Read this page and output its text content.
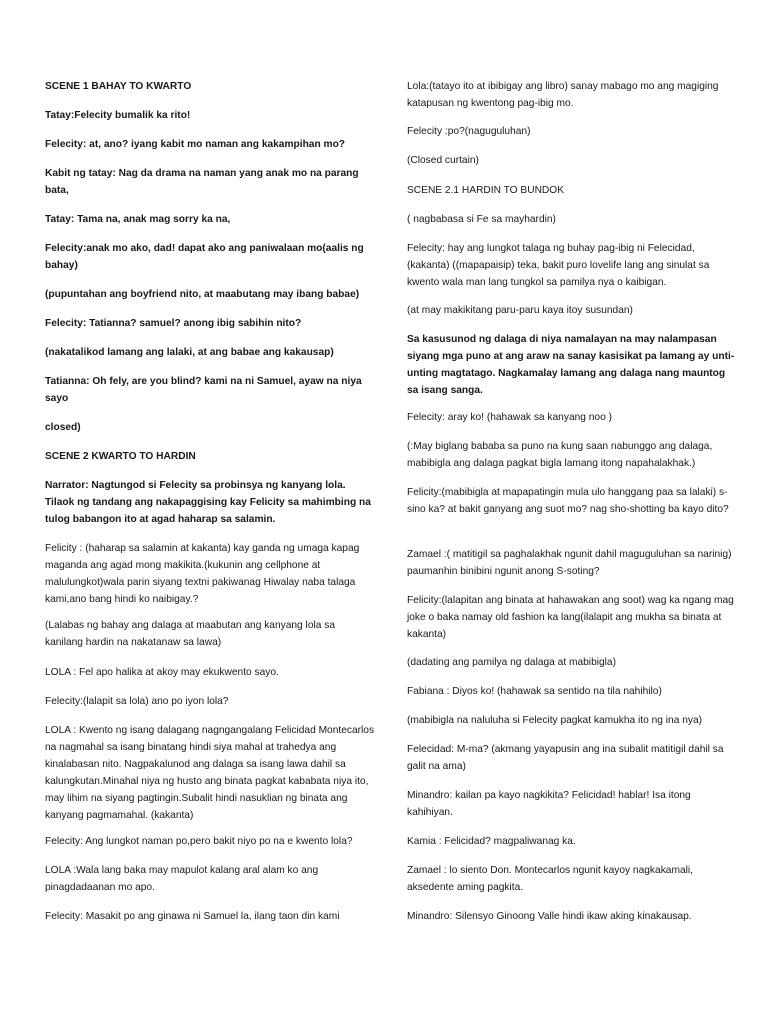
SCENE 1 BAHAY TO KWARTO

Tatay:Felecity bumalik ka rito!

Felecity: at, ano? iyang kabit mo naman ang kakampihan mo?

Kabit ng tatay: Nag da drama na naman yang anak mo na parang bata,

Tatay: Tama na, anak mag sorry ka na,

Felecity:anak mo ako, dad! dapat ako ang paniwalaan mo(aalis ng bahay)

(pupuntahan ang boyfriend nito, at maabutang may ibang babae)

Felecity: Tatianna? samuel? anong ibig sabihin nito?

(nakatalikod lamang ang lalaki, at ang babae ang kakausap)

Tatianna: Oh fely, are you blind? kami na ni Samuel, ayaw na niya sayo

closed)

SCENE 2 KWARTO TO HARDIN

Narrator: Nagtungod si Felecity sa probinsya ng kanyang lola. Tilaok ng tandang ang nakapaggising kay Felicity sa mahimbing na tulog babangon ito at agad haharap sa salamin.

Felicity : (haharap sa salamin at kakanta) kay ganda ng umaga kapag maganda ang agad mong makikita.(kukunin ang cellphone at malulungkot)wala parin siyang textni pakiwanag Hiwalay naba talaga kami,ano bang hindi ko naibigay.?

(Lalabas ng bahay ang dalaga at maabutan ang kanyang lola sa kanilang hardin na nakatanaw sa lawa)

LOLA : Fel apo halika at akoy may ekukwento sayo.

Felecity:(lalapit sa lola) ano po iyon lola?

LOLA : Kwento ng isang dalagang nagngangalang Felicidad Montecarlos na nagmahal sa isang binatang hindi siya mahal at trahedya ang kinalabasan nito. Nagpakalunod ang dalaga sa isang lawa dahil sa kalungkutan.Minahal niya ng husto ang binata pagkat kababata niya ito, may lihim na siyang pagtingin.Subalit hindi nasuklian ng binata ang kanyang pagmamahal. (kakanta)

Felecity: Ang lungkot naman po,pero bakit niyo po na e kwento lola?

LOLA :Wala lang baka may mapulot kalang aral alam ko ang pinagdadaanan mo apo.

Felecity: Masakit po ang ginawa ni Samuel la, ilang taon din kami

Lola:(tatayo ito at ibibigay ang libro) sanay mabago mo ang magiging katapusan ng kwentong pag-ibig mo.

Felecity :po?(naguguluhan)

(Closed curtain)

SCENE 2.1 HARDIN TO BUNDOK

( nagbabasa si Fe sa mayhardin)

Felecity: hay ang lungkot talaga ng buhay pag-ibig ni Felecidad, (kakanta) ((mapapaisip) teka, bakit puro lovelife lang ang sinulat sa kwento wala man lang tungkol sa pamilya nya o kaibigan.

(at may makikitang paru-paru kaya itoy susundan)

Sa kasusunod ng dalaga di niya namalayan na may nalampasan siyang mga puno at ang araw na sanay kasisikat pa lamang ay unti-unting magtatago. Nagkamalay lamang ang dalaga nang mauntog sa isang sanga.

Felecity: aray ko! (hahawak sa kanyang noo )

(:May biglang bababa sa puno na kung saan nabunggo ang dalaga, mabibigla ang dalaga pagkat bigla lamang itong napahalakhak.)

Felicity:(mabibigla at mapapatingin mula ulo hanggang paa sa lalaki) s-sino ka? at bakit ganyang ang suot mo? nag sho-shotting ba kayo dito?

Zamael :( matitigil sa paghalakhak ngunit dahil maguguluhan sa narinig) paumanhin binibini ngunit anong S-soting?

Felicity:(lalapitan ang binata at hahawakan ang soot) wag ka ngang mag joke o baka namay old fashion ka lang(ilalapit ang mukha sa binata at kakanta)

(dadating ang pamilya ng dalaga at mabibigla)

Fabiana : Diyos ko! (hahawak sa sentido na tila nahihilo)

(mabibigla na naluluha si Felecity pagkat kamukha ito ng ina nya)

Felecidad: M-ma? (akmang yayapusin ang ina subalit matitigil dahil sa galit na ama)

Minandro: kailan pa kayo nagkikita? Felicidad! hablar! Isa itong kahihiyan.

Kamia : Felicidad? magpaliwanag ka.

Zamael : lo siento Don. Montecarlos ngunit kayoy nagkakamali, aksedente aming pagkita.

Minandro: Silensyo Ginoong Valle hindi ikaw aking kinakausap.
